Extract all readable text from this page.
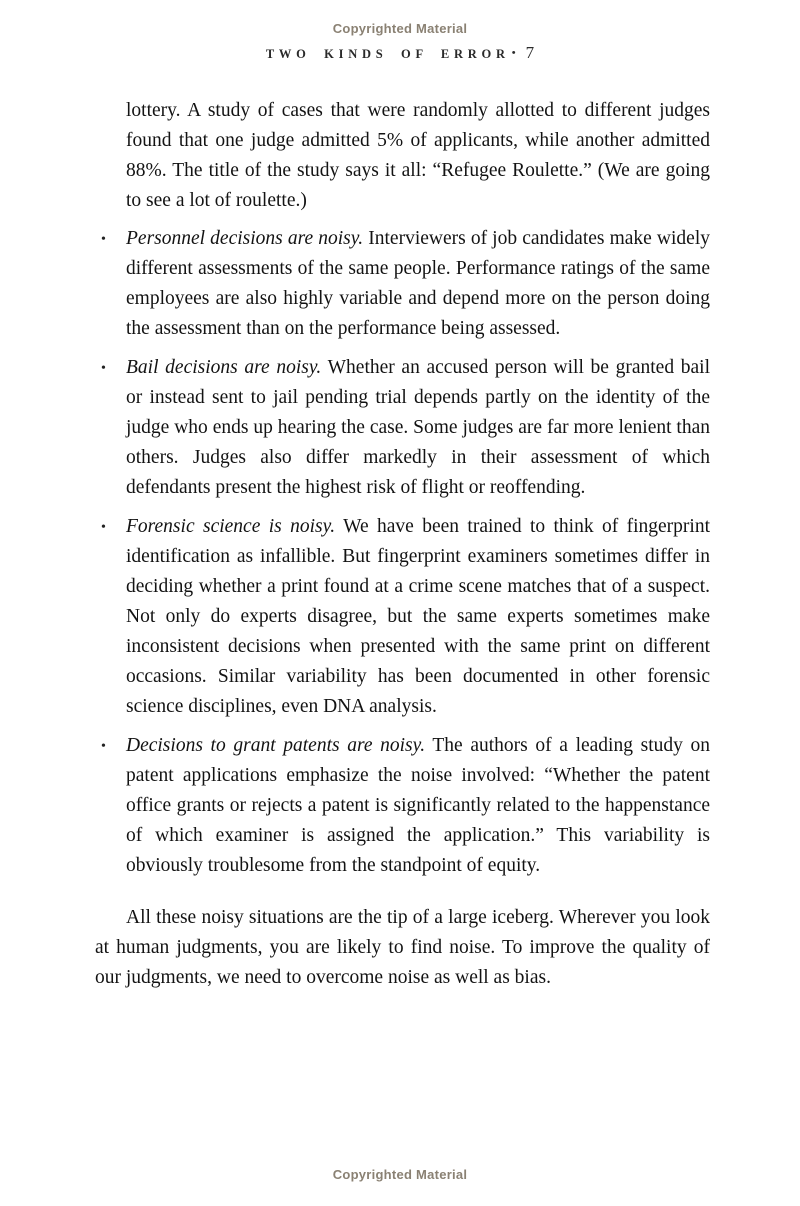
Copyrighted Material
TWO KINDS OF ERROR • 7

lottery. A study of cases that were randomly allotted to different judges found that one judge admitted 5% of applicants, while another admitted 88%. The title of the study says it all: “Refugee Roulette.” (We are going to see a lot of roulette.)

• Personnel decisions are noisy. Interviewers of job candidates make widely different assessments of the same people. Performance ratings of the same employees are also highly variable and depend more on the person doing the assessment than on the performance being assessed.
• Bail decisions are noisy. Whether an accused person will be granted bail or instead sent to jail pending trial depends partly on the identity of the judge who ends up hearing the case. Some judges are far more lenient than others. Judges also differ markedly in their assessment of which defendants present the highest risk of flight or reoffending.
• Forensic science is noisy. We have been trained to think of fingerprint identification as infallible. But fingerprint examiners sometimes differ in deciding whether a print found at a crime scene matches that of a suspect. Not only do experts disagree, but the same experts sometimes make inconsistent decisions when presented with the same print on different occasions. Similar variability has been documented in other forensic science disciplines, even DNA analysis.
• Decisions to grant patents are noisy. The authors of a leading study on patent applications emphasize the noise involved: “Whether the patent office grants or rejects a patent is significantly related to the happenstance of which examiner is assigned the application.” This variability is obviously troublesome from the standpoint of equity.

All these noisy situations are the tip of a large iceberg. Wherever you look at human judgments, you are likely to find noise. To improve the quality of our judgments, we need to overcome noise as well as bias.

Copyrighted Material
